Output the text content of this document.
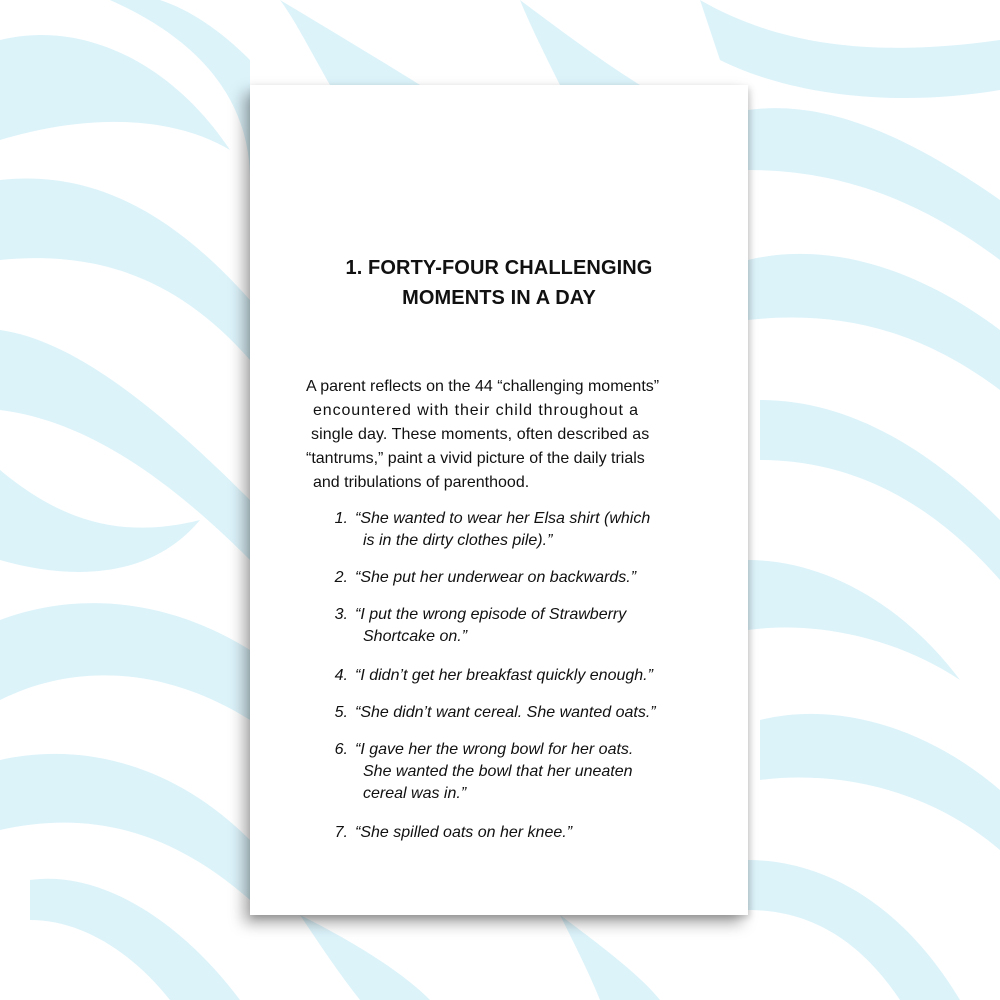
1. FORTY-FOUR CHALLENGING
MOMENTS IN A DAY
A parent reflects on the 44 “challenging moments”
encountered with their child throughout a
single day. These moments, often described as
“tantrums,” paint a vivid picture of the daily trials
and tribulations of parenthood.
1. “She wanted to wear her Elsa shirt (which
is in the dirty clothes pile).”
2. “She put her underwear on backwards.”
3. “I put the wrong episode of Strawberry
Shortcake on.”
4. “I didn’t get her breakfast quickly enough.”
5. “She didn’t want cereal. She wanted oats.”
6. “I gave her the wrong bowl for her oats.
She wanted the bowl that her uneaten
cereal was in.”
7. “She spilled oats on her knee.”
